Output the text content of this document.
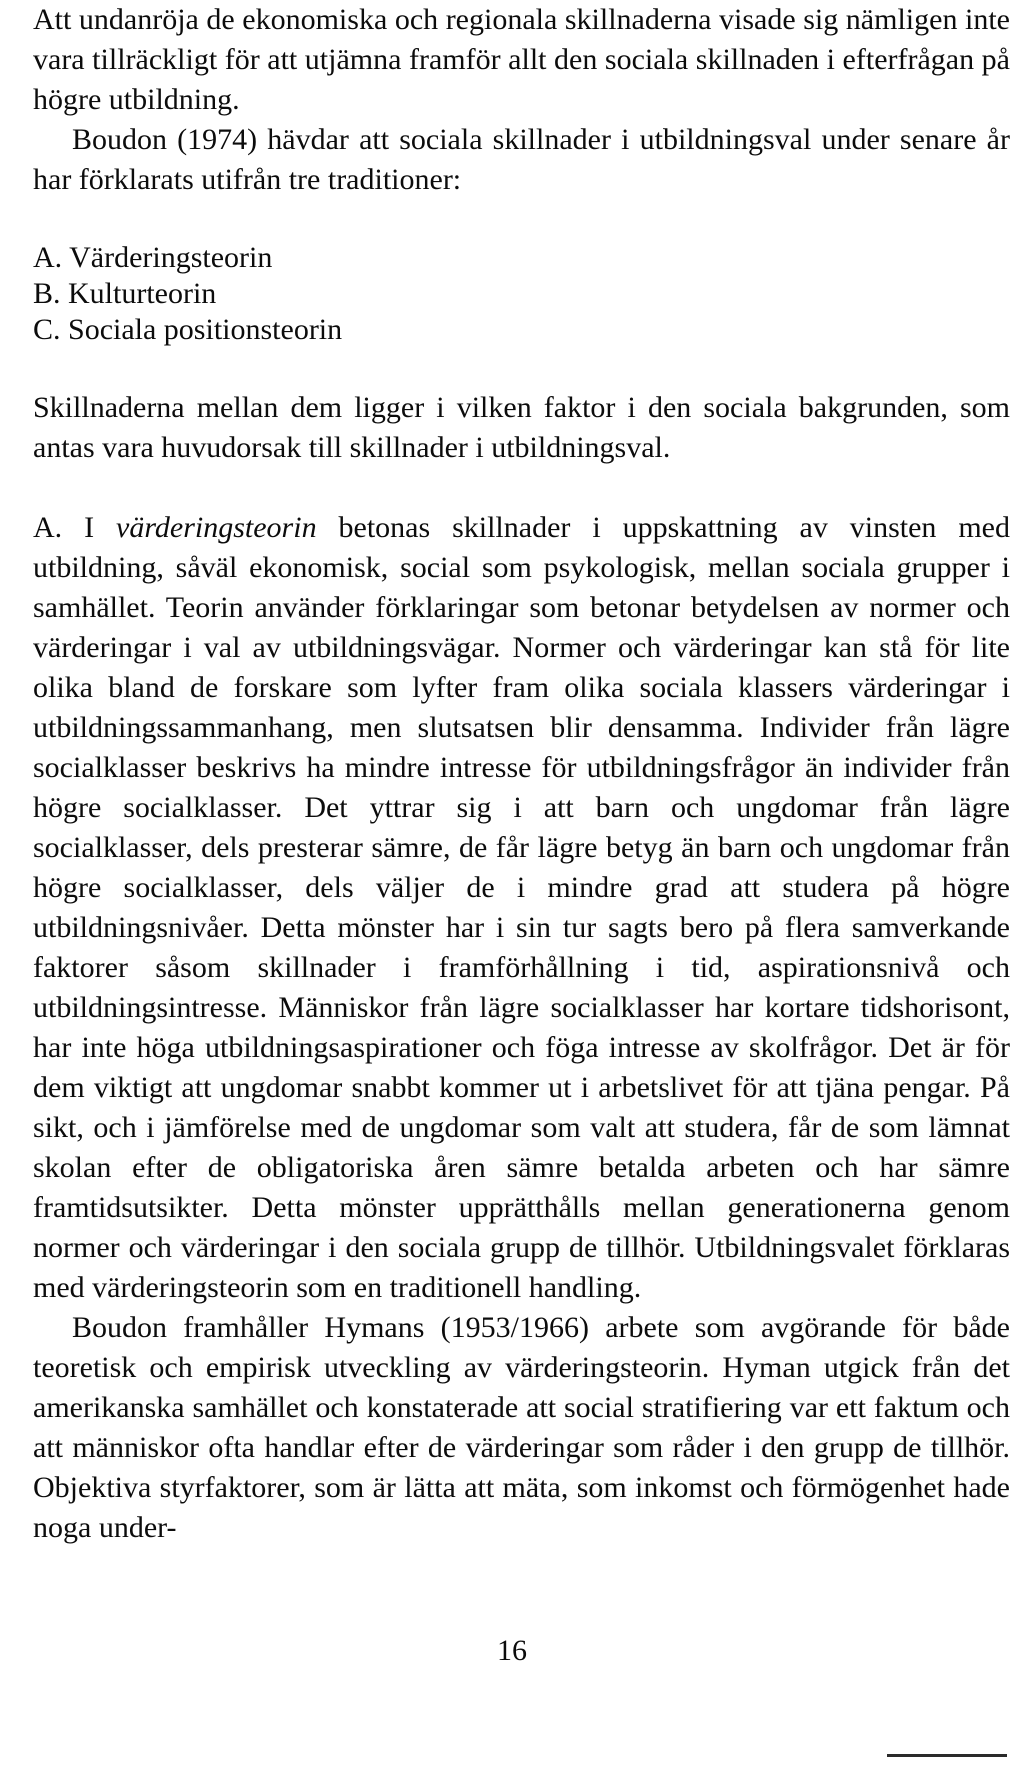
Att undanröja de ekonomiska och regionala skillnaderna visade sig nämligen inte vara tillräckligt för att utjämna framför allt den sociala skillnaden i efterfrågan på högre utbildning.

Boudon (1974) hävdar att sociala skillnader i utbildningsval under senare år har förklarats utifrån tre traditioner:

A. Värderingsteorin
B. Kulturteorin
C. Sociala positionsteorin

Skillnaderna mellan dem ligger i vilken faktor i den sociala bakgrunden, som antas vara huvudorsak till skillnader i utbildningsval.

A. I värderingsteorin betonas skillnader i uppskattning av vinsten med utbildning, såväl ekonomisk, social som psykologisk, mellan sociala grupper i samhället. Teorin använder förklaringar som betonar betydelsen av normer och värderingar i val av utbildningsvägar. Normer och värderingar kan stå för lite olika bland de forskare som lyfter fram olika sociala klassers värderingar i utbildningssammanhang, men slutsatsen blir densamma. Individer från lägre socialklasser beskrivs ha mindre intresse för utbildningsfrågor än individer från högre socialklasser. Det yttrar sig i att barn och ungdomar från lägre socialklasser, dels presterar sämre, de får lägre betyg än barn och ungdomar från högre socialklasser, dels väljer de i mindre grad att studera på högre utbildningsnivåer. Detta mönster har i sin tur sagts bero på flera samverkande faktorer såsom skillnader i framförhållning i tid, aspirationsnivå och utbildningsintresse. Människor från lägre socialklasser har kortare tidshorisont, har inte höga utbildningsaspirationer och föga intresse av skolfrågor. Det är för dem viktigt att ungdomar snabbt kommer ut i arbetslivet för att tjäna pengar. På sikt, och i jämförelse med de ungdomar som valt att studera, får de som lämnat skolan efter de obligatoriska åren sämre betalda arbeten och har sämre framtidsutsikter. Detta mönster upprätthålls mellan generationerna genom normer och värderingar i den sociala grupp de tillhör. Utbildningsvalet förklaras med värderingsteorin som en traditionell handling.

Boudon framhåller Hymans (1953/1966) arbete som avgörande för både teoretisk och empirisk utveckling av värderingsteorin. Hyman utgick från det amerikanska samhället och konstaterade att social stratifiering var ett faktum och att människor ofta handlar efter de värderingar som råder i den grupp de tillhör. Objektiva styrfaktorer, som är lätta att mäta, som inkomst och förmögenhet hade noga under-

16
